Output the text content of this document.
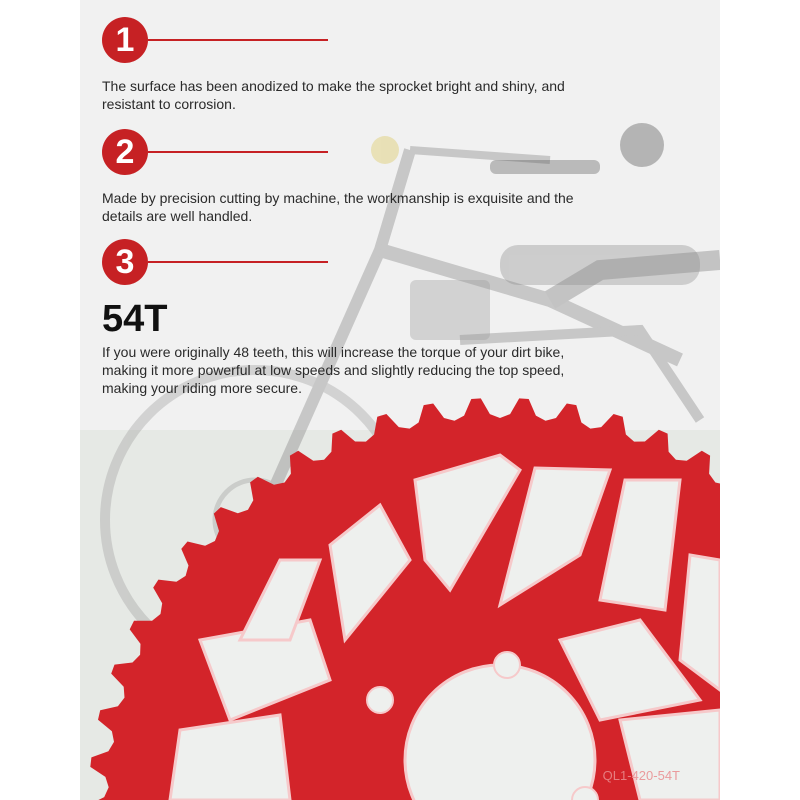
QL1-420-54T
1
The surface has been anodized to make the sprocket bright and shiny, and resistant to corrosion.
2
Made by precision cutting by machine, the workmanship is exquisite and the details are well handled.
3
54T
If you were originally 48 teeth, this will increase the torque of your dirt bike, making it more powerful at low speeds and slightly reducing the top speed, making your riding more secure.
